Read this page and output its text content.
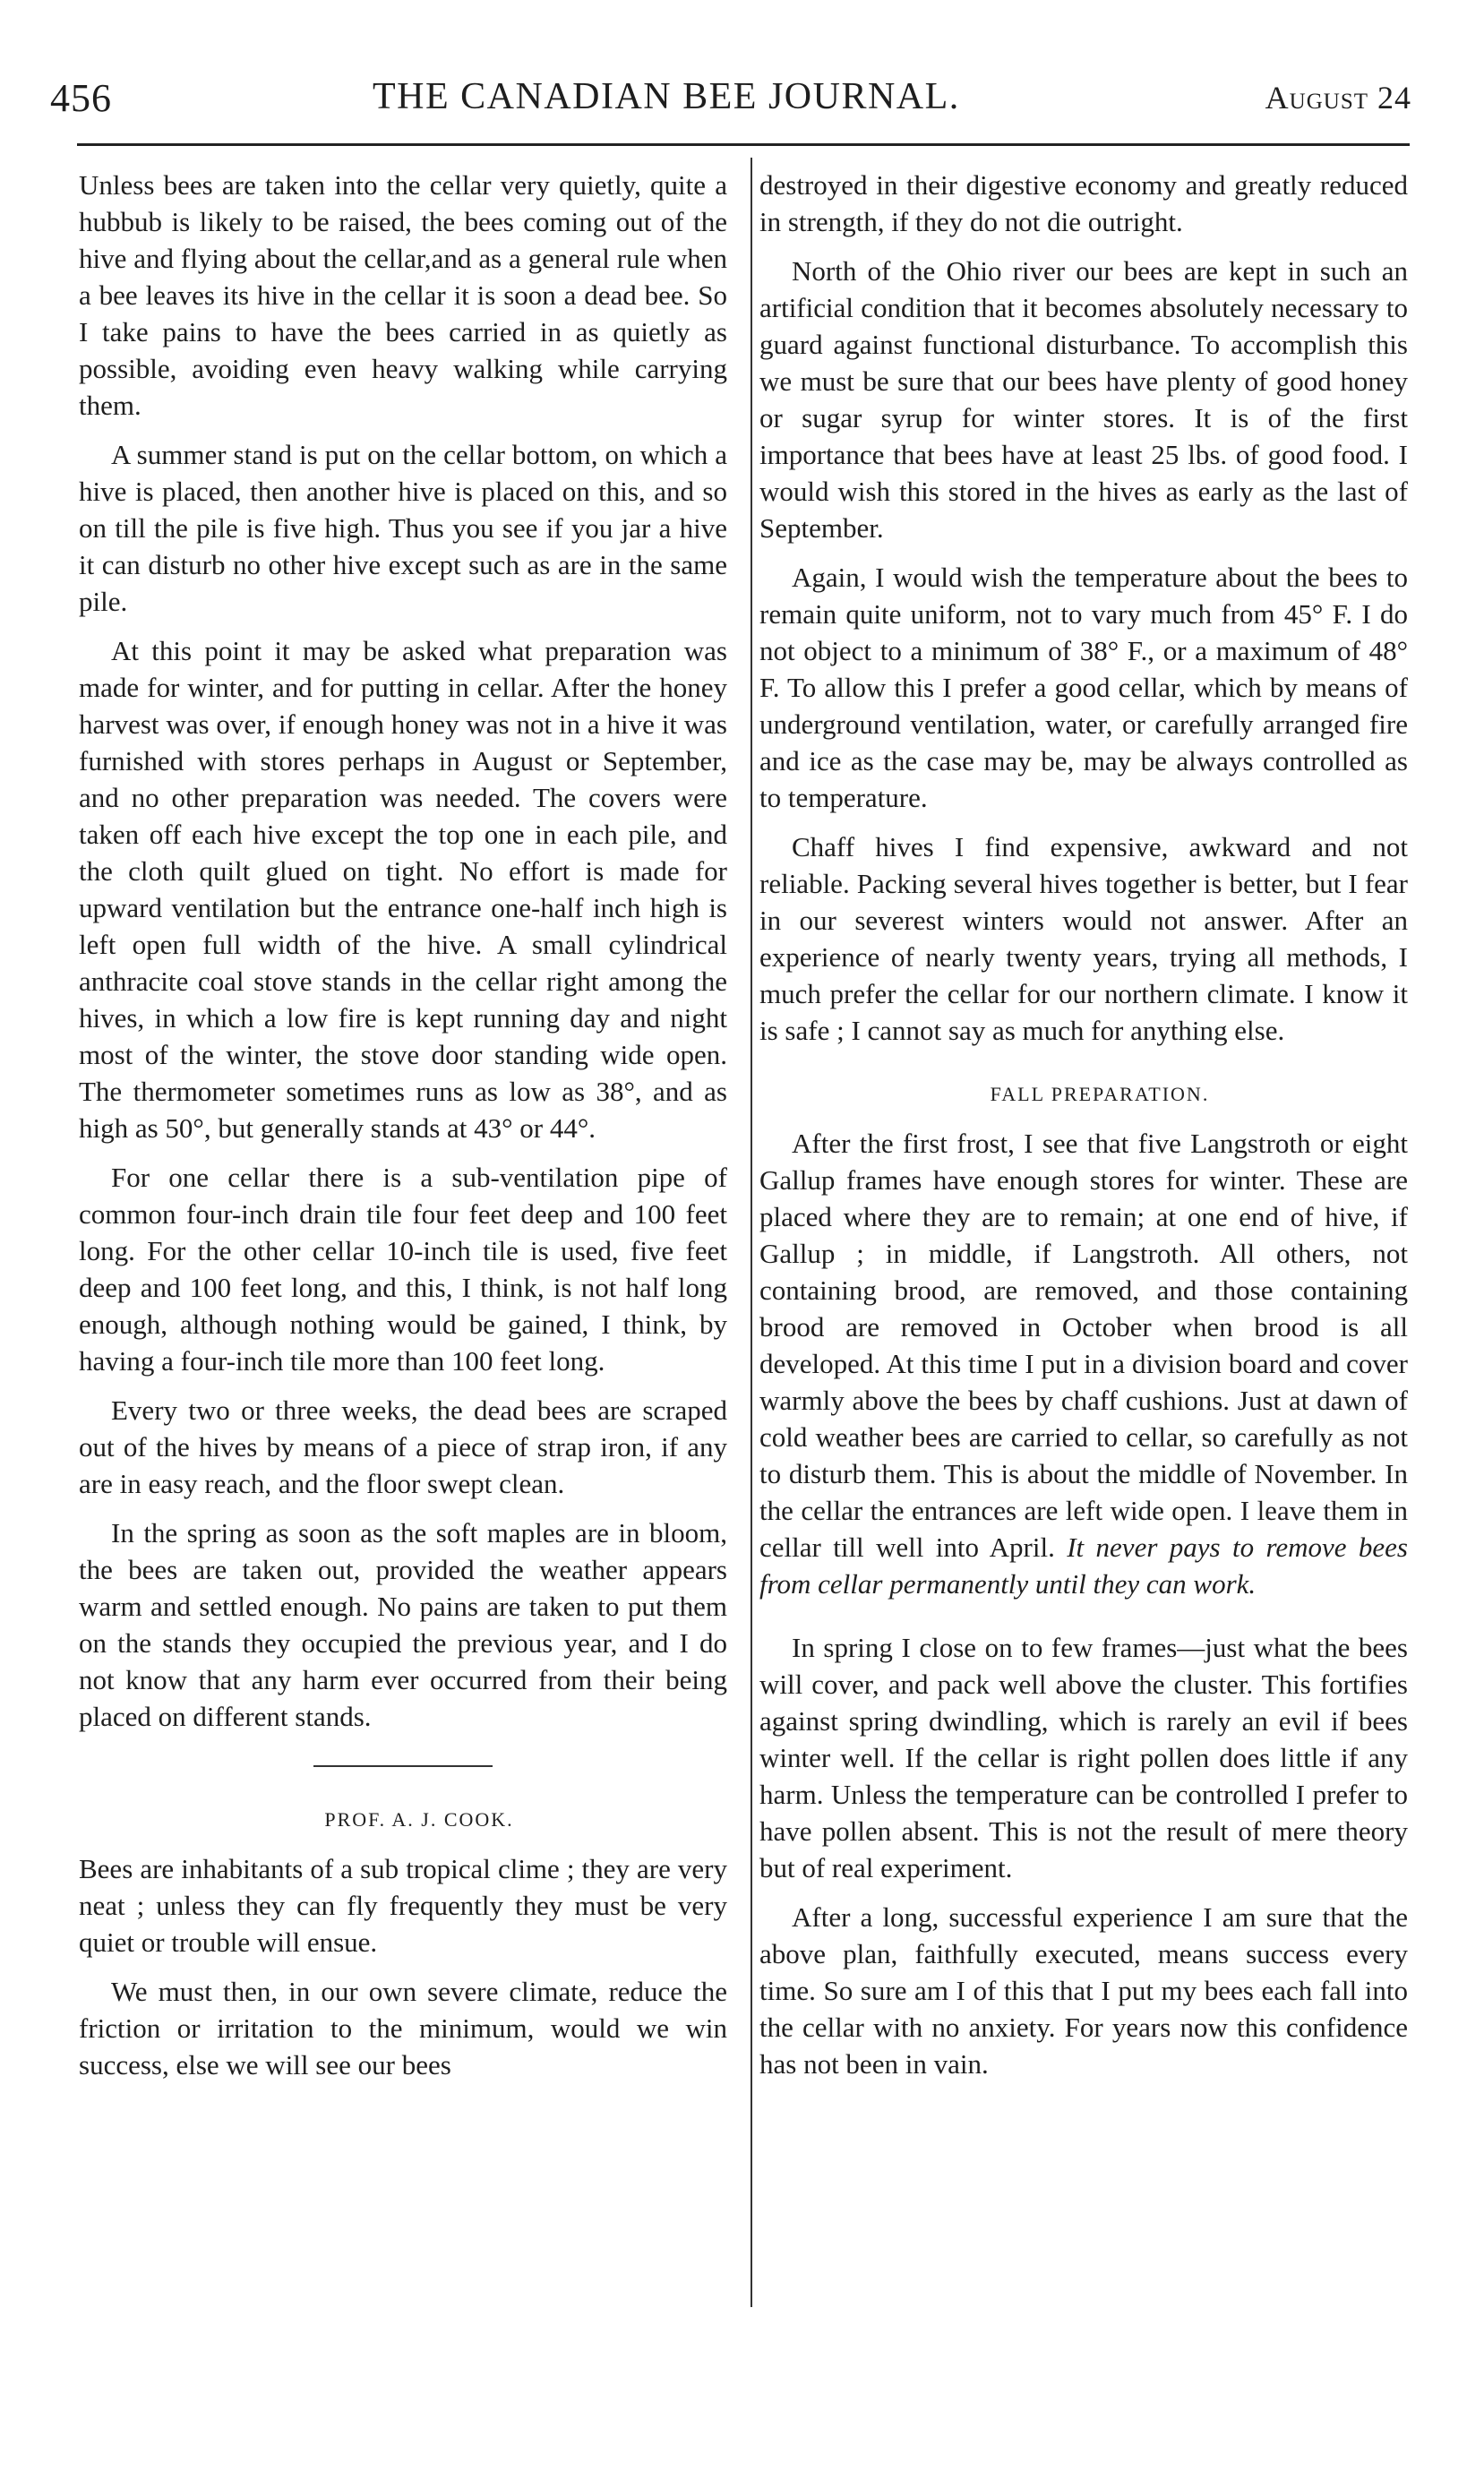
456	THE CANADIAN BEE JOURNAL.	August 24

Unless bees are taken into the cellar very quietly, quite a hubbub is likely to be raised, the bees coming out of the hive and flying about the cellar,and as a general rule when a bee leaves its hive in the cellar it is soon a dead bee. So I take pains to have the bees carried in as quietly as possible, avoiding even heavy walking while carrying them.

A summer stand is put on the cellar bottom, on which a hive is placed, then another hive is placed on this, and so on till the pile is five high. Thus you see if you jar a hive it can disturb no other hive except such as are in the same pile.

At this point it may be asked what preparation was made for winter, and for putting in cellar. After the honey harvest was over, if enough honey was not in a hive it was furnished with stores perhaps in August or September, and no other preparation was needed. The covers were taken off each hive except the top one in each pile, and the cloth quilt glued on tight. No effort is made for upward ventilation but the entrance one-half inch high is left open full width of the hive. A small cylindrical anthracite coal stove stands in the cellar right among the hives, in which a low fire is kept running day and night most of the winter, the stove door standing wide open. The thermometer sometimes runs as low as 38°, and as high as 50°, but generally stands at 43° or 44°.

For one cellar there is a sub-ventilation pipe of common four-inch drain tile four feet deep and 100 feet long. For the other cellar 10-inch tile is used, five feet deep and 100 feet long, and this, I think, is not half long enough, although nothing would be gained, I think, by having a four-inch tile more than 100 feet long.

Every two or three weeks, the dead bees are scraped out of the hives by means of a piece of strap iron, if any are in easy reach, and the floor swept clean.

In the spring as soon as the soft maples are in bloom, the bees are taken out, provided the weather appears warm and settled enough. No pains are taken to put them on the stands they occupied the previous year, and I do not know that any harm ever occurred from their being placed on different stands.

PROF. A. J. COOK.

Bees are inhabitants of a sub tropical clime ; they are very neat ; unless they can fly frequently they must be very quiet or trouble will ensue.

We must then, in our own severe climate, reduce the friction or irritation to the minimum, would we win success, else we will see our bees

destroyed in their digestive economy and greatly reduced in strength, if they do not die outright.

North of the Ohio river our bees are kept in such an artificial condition that it becomes absolutely necessary to guard against functional disturbance. To accomplish this we must be sure that our bees have plenty of good honey or sugar syrup for winter stores. It is of the first importance that bees have at least 25 lbs. of good food. I would wish this stored in the hives as early as the last of September.

Again, I would wish the temperature about the bees to remain quite uniform, not to vary much from 45° F. I do not object to a minimum of 38° F., or a maximum of 48° F. To allow this I prefer a good cellar, which by means of underground ventilation, water, or carefully arranged fire and ice as the case may be, may be always controlled as to temperature.

Chaff hives I find expensive, awkward and not reliable. Packing several hives together is better, but I fear in our severest winters would not answer. After an experience of nearly twenty years, trying all methods, I much prefer the cellar for our northern climate. I know it is safe ; I cannot say as much for anything else.

FALL PREPARATION.

After the first frost, I see that five Langstroth or eight Gallup frames have enough stores for winter. These are placed where they are to remain; at one end of hive, if Gallup ; in middle, if Langstroth. All others, not containing brood, are removed, and those containing brood are removed in October when brood is all developed. At this time I put in a division board and cover warmly above the bees by chaff cushions. Just at dawn of cold weather bees are carried to cellar, so carefully as not to disturb them. This is about the middle of November. In the cellar the entrances are left wide open. I leave them in cellar till well into April. It never pays to remove bees from cellar permanently until they can work.

In spring I close on to few frames—just what the bees will cover, and pack well above the cluster. This fortifies against spring dwindling, which is rarely an evil if bees winter well. If the cellar is right pollen does little if any harm. Unless the temperature can be controlled I prefer to have pollen absent. This is not the result of mere theory but of real experiment.

After a long, successful experience I am sure that the above plan, faithfully executed, means success every time. So sure am I of this that I put my bees each fall into the cellar with no anxiety. For years now this confidence has not been in vain.
